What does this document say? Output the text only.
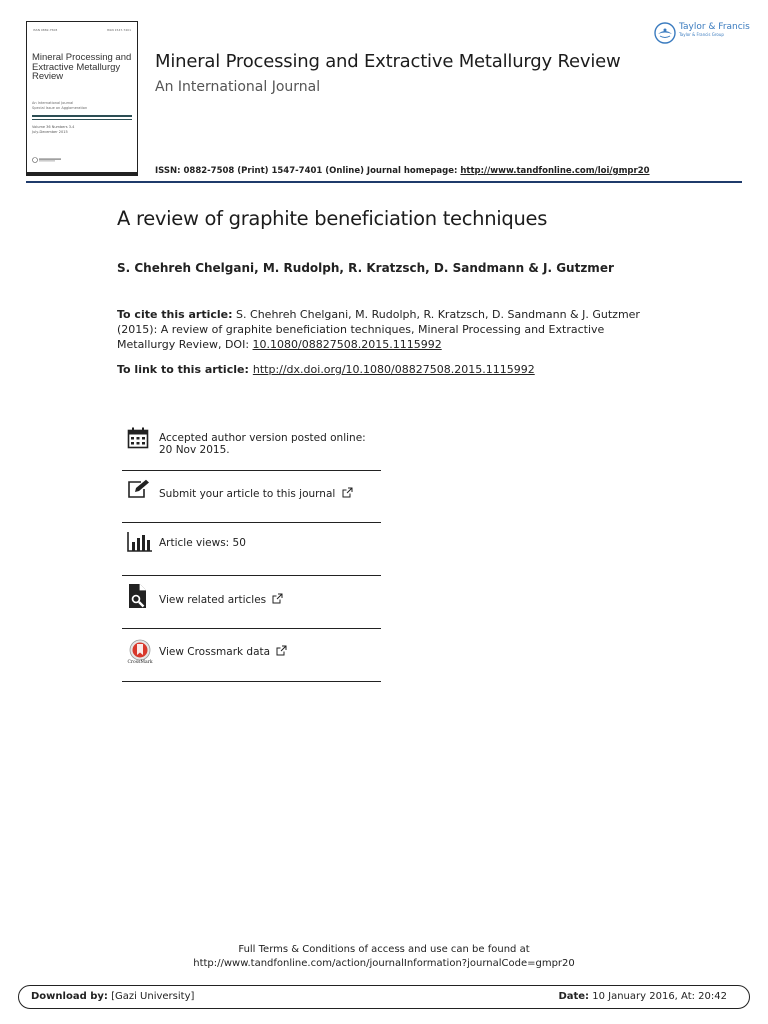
ISSN 0882-7508	ISSN 1547-7401
Mineral Processing and Extractive Metallurgy Review
An International Journal
Special Issue on Agglomeration
Volume 36 Numbers 3-4
July-December 2015
Mineral Processing and Extractive Metallurgy Review
An International Journal
Taylor & Francis
Taylor & Francis Group
ISSN: 0882-7508 (Print) 1547-7401 (Online) Journal homepage: http://www.tandfonline.com/loi/gmpr20
A review of graphite beneficiation techniques
S. Chehreh Chelgani, M. Rudolph, R. Kratzsch, D. Sandmann & J. Gutzmer
To cite this article: S. Chehreh Chelgani, M. Rudolph, R. Kratzsch, D. Sandmann & J. Gutzmer (2015): A review of graphite beneficiation techniques, Mineral Processing and Extractive Metallurgy Review, DOI: 10.1080/08827508.2015.1115992
To link to this article: http://dx.doi.org/10.1080/08827508.2015.1115992
Accepted author version posted online: 20 Nov 2015.
Submit your article to this journal
Article views: 50
View related articles
CrossMark
View Crossmark data
Full Terms & Conditions of access and use can be found at
http://www.tandfonline.com/action/journalInformation?journalCode=gmpr20
Download by: [Gazi University]	Date: 10 January 2016, At: 20:42
